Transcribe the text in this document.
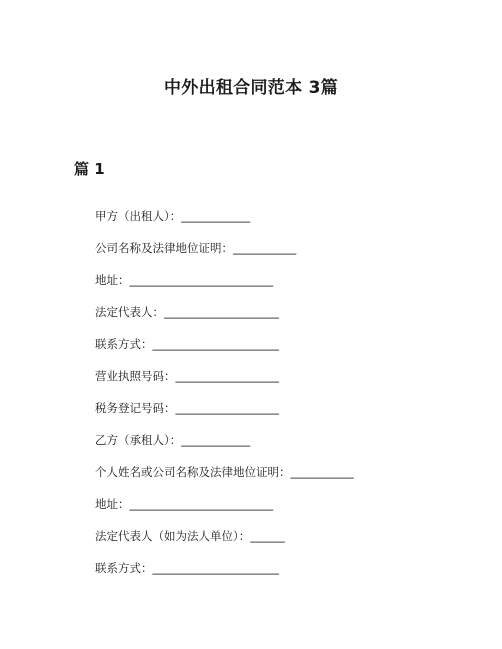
中外出租合同范本 3篇
篇 1
甲方（出租人）：____________
公司名称及法律地位证明：___________
地址：_________________________
法定代表人：____________________
联系方式：______________________
营业执照号码：__________________
税务登记号码：__________________
乙方（承租人）：____________
个人姓名或公司名称及法律地位证明：___________
地址：_________________________
法定代表人（如为法人单位）：______
联系方式：______________________
